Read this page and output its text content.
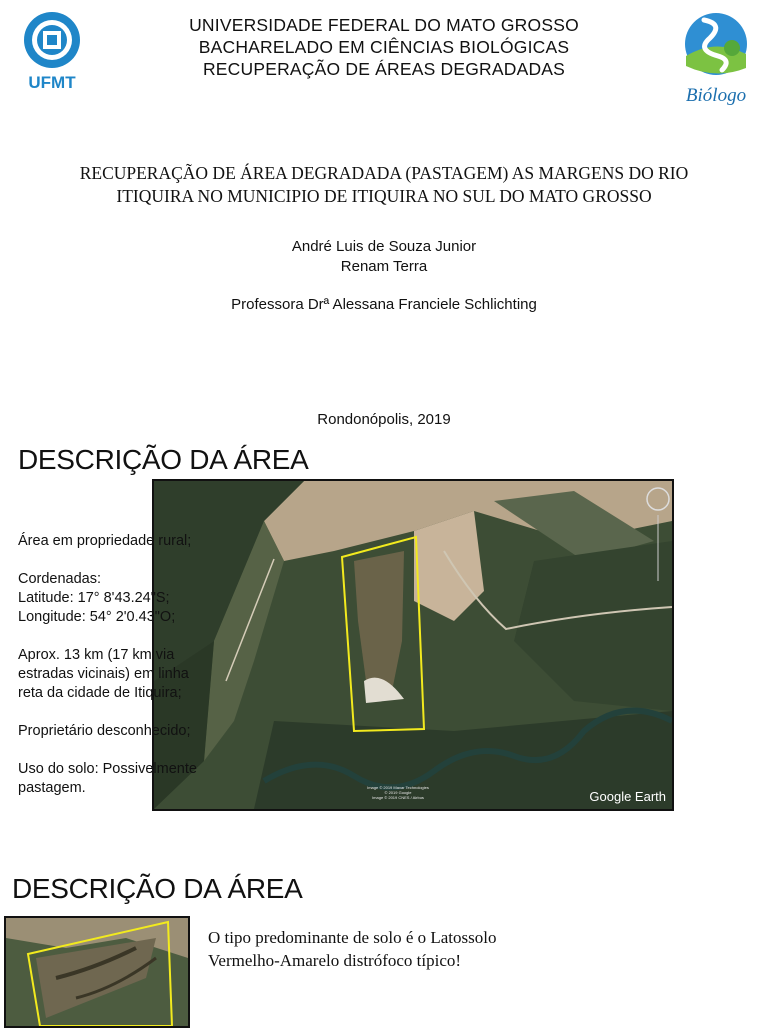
UFMT
UNIVERSIDADE FEDERAL DO MATO GROSSO
BACHARELADO EM CIÊNCIAS BIOLÓGICAS
RECUPERAÇÃO DE ÁREAS DEGRADADAS
Biólogo
RECUPERAÇÃO DE ÁREA DEGRADADA (PASTAGEM) AS MARGENS DO RIO
ITIQUIRA NO MUNICIPIO DE ITIQUIRA NO SUL DO MATO GROSSO
André Luis de Souza Junior
Renam Terra
Professora Drª Alessana Franciele Schlichting
Rondonópolis, 2019
DESCRIÇÃO DA ÁREA
Image © 2019 Maxar Technologies
© 2019 Google
Image © 2019 CNES / Airbus	Google Earth

Área em propriedade rural;

Cordenadas:

Latitude: 17° 8'43.24"S;

Longitude: 54° 2'0.43"O;

Aprox. 13 km (17 km via

estradas vicinais) em linha

reta da cidade de Itiquira;

Proprietário desconhecido;

Uso do solo: Possivelmente

pastagem.

DESCRIÇÃO DA ÁREA

O tipo predominante de solo é o Latossolo

Vermelho-Amarelo distrófoco típico!
